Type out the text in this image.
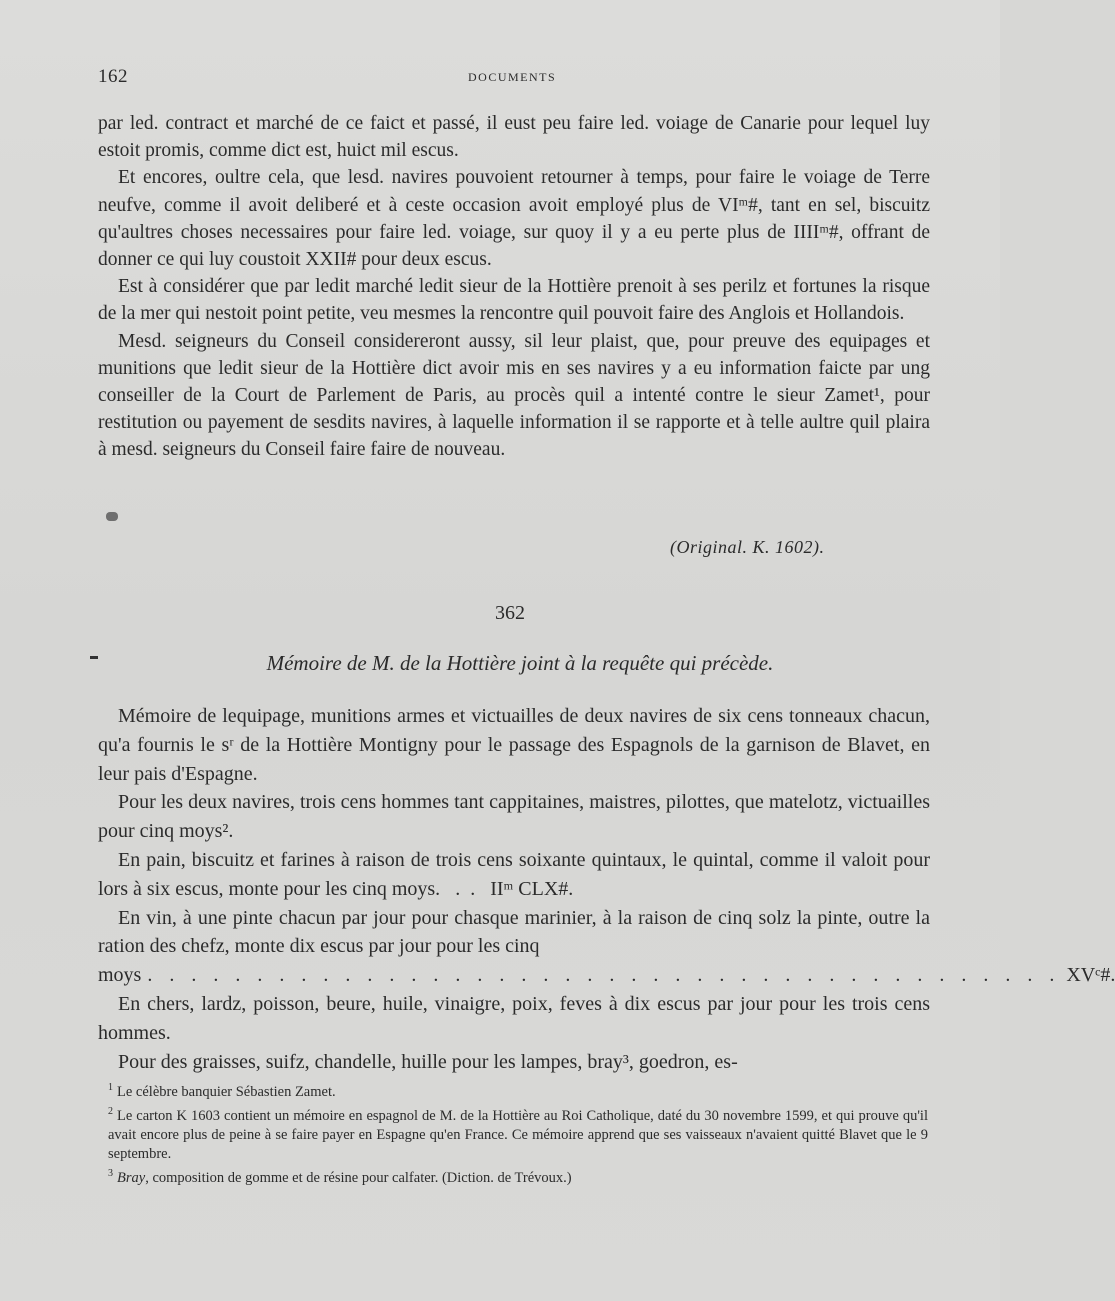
162	DOCUMENTS

par led. contract et marché de ce faict et passé, il eust peu faire led. voiage de Canarie pour lequel luy estoit promis, comme dict est, huict mil escus.

Et encores, oultre cela, que lesd. navires pouvoient retourner à temps, pour faire le voiage de Terre neufve, comme il avoit deliberé et à ceste occasion avoit employé plus de VIᵐ#, tant en sel, biscuitz qu'aultres choses necessaires pour faire led. voiage, sur quoy il y a eu perte plus de IIIIᵐ#, offrant de donner ce qui luy coustoit XXII# pour deux escus.

Est à considérer que par ledit marché ledit sieur de la Hottière prenoit à ses perilz et fortunes la risque de la mer qui nestoit point petite, veu mesmes la rencontre quil pouvoit faire des Anglois et Hollandois.

Mesd. seigneurs du Conseil considereront aussy, sil leur plaist, que, pour preuve des equipages et munitions que ledit sieur de la Hottière dict avoir mis en ses navires y a eu information faicte par ung conseiller de la Court de Parlement de Paris, au procès quil a intenté contre le sieur Zamet¹, pour restitution ou payement de sesdits navires, à laquelle information il se rapporte et à telle aultre quil plaira à mesd. seigneurs du Conseil faire faire de nouveau.

(Original. K. 1602).
362
Mémoire de M. de la Hottière joint à la requête qui précède.

Mémoire de lequipage, munitions armes et victuailles de deux navires de six cens tonneaux chacun, qu'a fournis le sʳ de la Hottière Montigny pour le passage des Espagnols de la garnison de Blavet, en leur pais d'Espagne.

Pour les deux navires, trois cens hommes tant cappitaines, maistres, pilottes, que matelotz, victuailles pour cinq moys².

En pain, biscuitz et farines à raison de trois cens soixante quintaux, le quintal, comme il valoit pour lors à six escus, monte pour les cinq moys.   .  .   IIᵐ CLX#.

En vin, à une pinte chacun par jour pour chasque marinier, à la raison de cinq solz la pinte, outre la ration des chefz, monte dix escus par jour pour les cinq

moys . . . . . . . . . . . . . . . . . . . . . . . . . . . . . . . . . . . . . . . . . . XVᶜ#.

En chers, lardz, poisson, beure, huile, vinaigre, poix, feves à dix escus par jour pour les trois cens hommes.

Pour des graisses, suifz, chandelle, huille pour les lampes, bray³, goedron, es-

$^1$ Le célèbre banquier Sébastien Zamet.

$^2$ Le carton K 1603 contient un mémoire en espagnol de M. de la Hottière au Roi Catholique, daté du 30 novembre 1599, et qui prouve qu'il avait encore plus de peine à se faire payer en Espagne qu'en France. Ce mémoire apprend que ses vaisseaux n'avaient quitté Blavet que le 9 septembre.

$^3$ Bray, composition de gomme et de résine pour calfater. (Diction. de Trévoux.)
